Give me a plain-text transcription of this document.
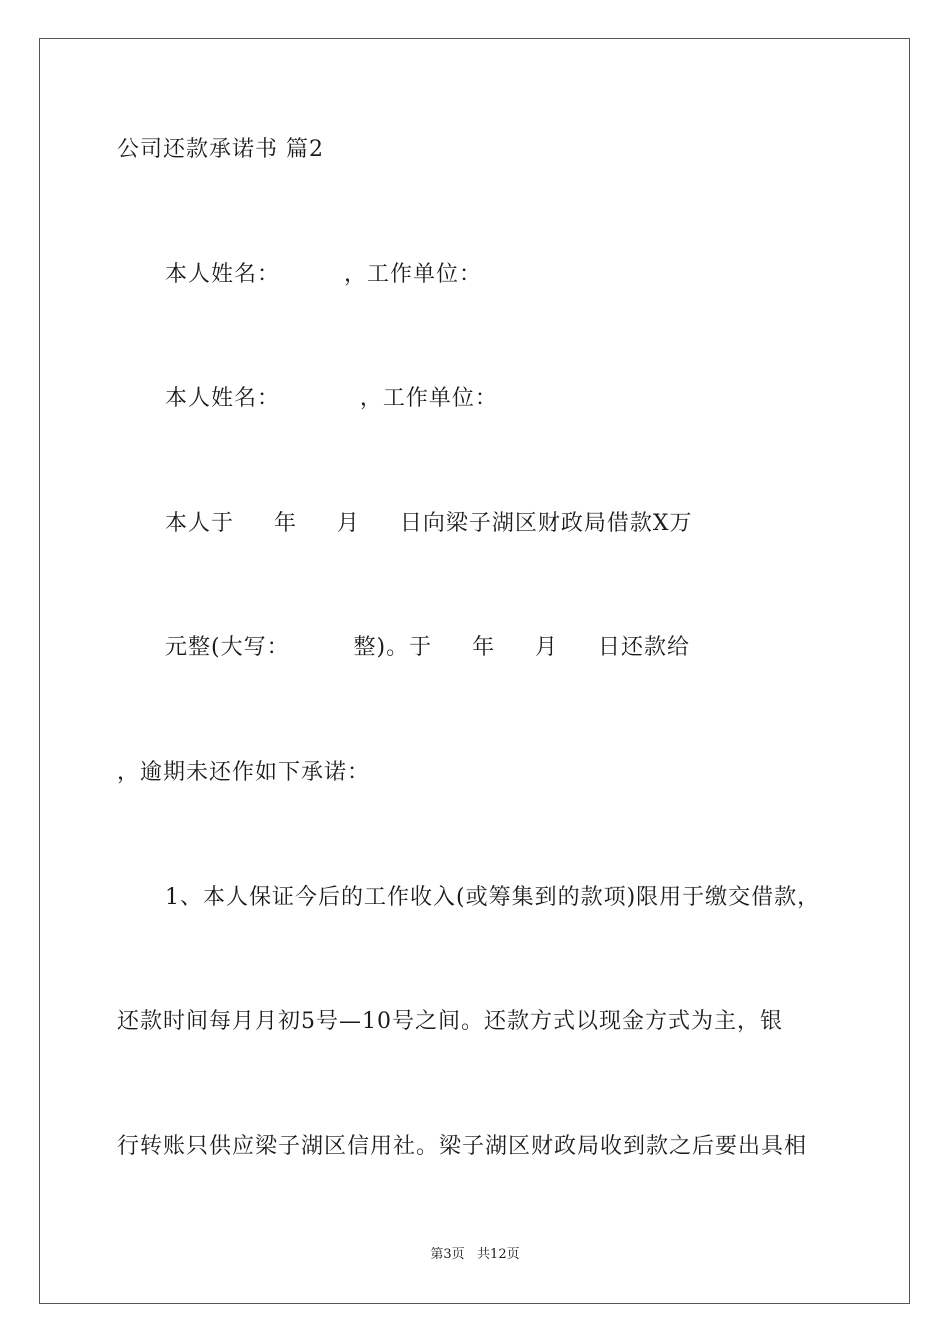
公司还款承诺书 篇2
本人姓名：        ，工作单位：
本人姓名：          ，工作单位：
本人于     年     月     日向梁子湖区财政局借款X万
元整(大写：        整)。于     年     月     日还款给
，逾期未还作如下承诺：
1、本人保证今后的工作收入(或筹集到的款项)限用于缴交借款，
还款时间每月月初5号—10号之间。还款方式以现金方式为主，银
行转账只供应梁子湖区信用社。梁子湖区财政局收到款之后要出具相
第3页   共12页
